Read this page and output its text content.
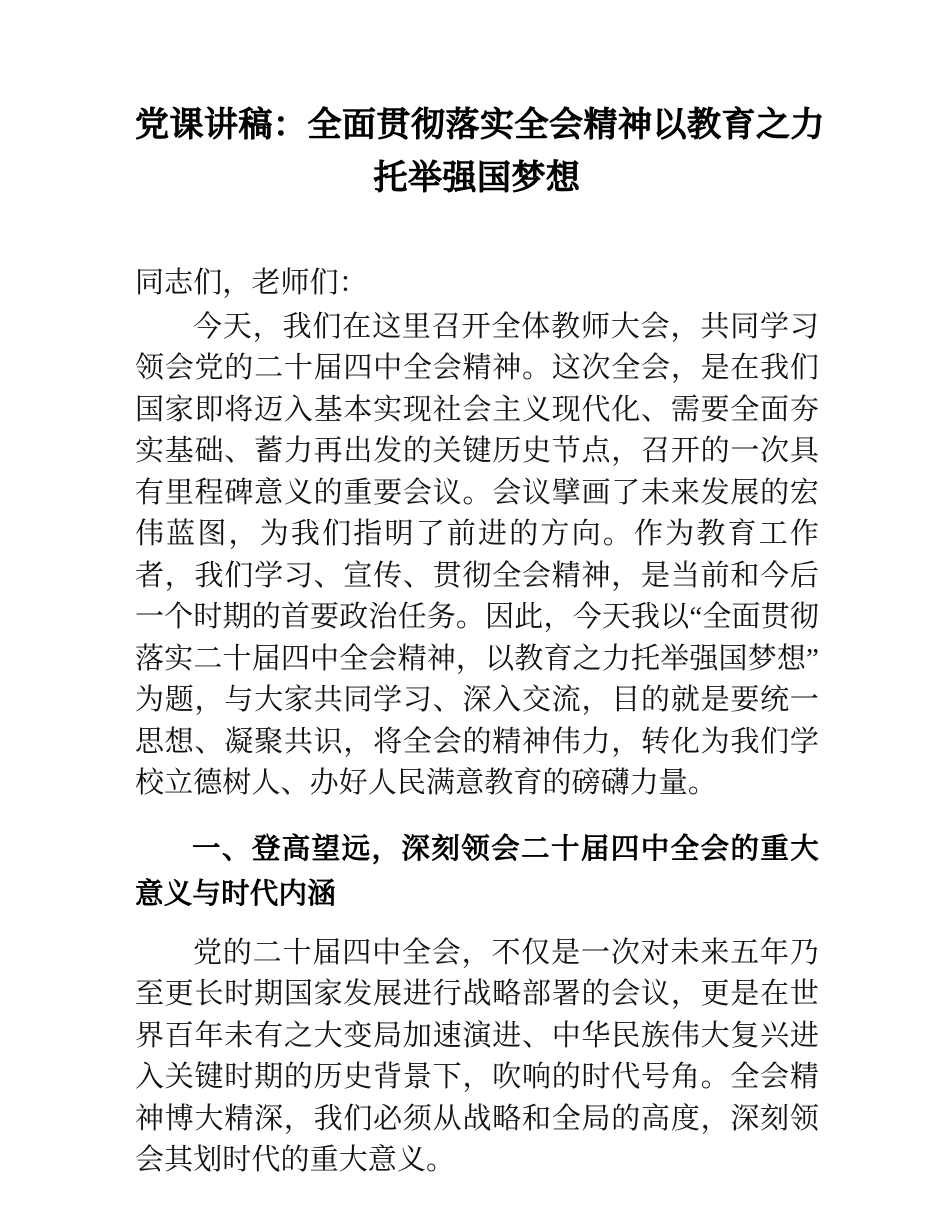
党课讲稿：全面贯彻落实全会精神以教育之力
托举强国梦想

同志们，老师们：

今天，我们在这里召开全体教师大会，共同学习领会党的二十届四中全会精神。这次全会，是在我们国家即将迈入基本实现社会主义现代化、需要全面夯实基础、蓄力再出发的关键历史节点，召开的一次具有里程碑意义的重要会议。会议擘画了未来发展的宏伟蓝图，为我们指明了前进的方向。作为教育工作者，我们学习、宣传、贯彻全会精神，是当前和今后一个时期的首要政治任务。因此，今天我以“全面贯彻落实二十届四中全会精神，以教育之力托举强国梦想”为题，与大家共同学习、深入交流，目的就是要统一思想、凝聚共识，将全会的精神伟力，转化为我们学校立德树人、办好人民满意教育的磅礴力量。

一、登高望远，深刻领会二十届四中全会的重大意义与时代内涵

党的二十届四中全会，不仅是一次对未来五年乃至更长时期国家发展进行战略部署的会议，更是在世界百年未有之大变局加速演进、中华民族伟大复兴进入关键时期的历史背景下，吹响的时代号角。全会精神博大精深，我们必须从战略和全局的高度，深刻领会其划时代的重大意义。
